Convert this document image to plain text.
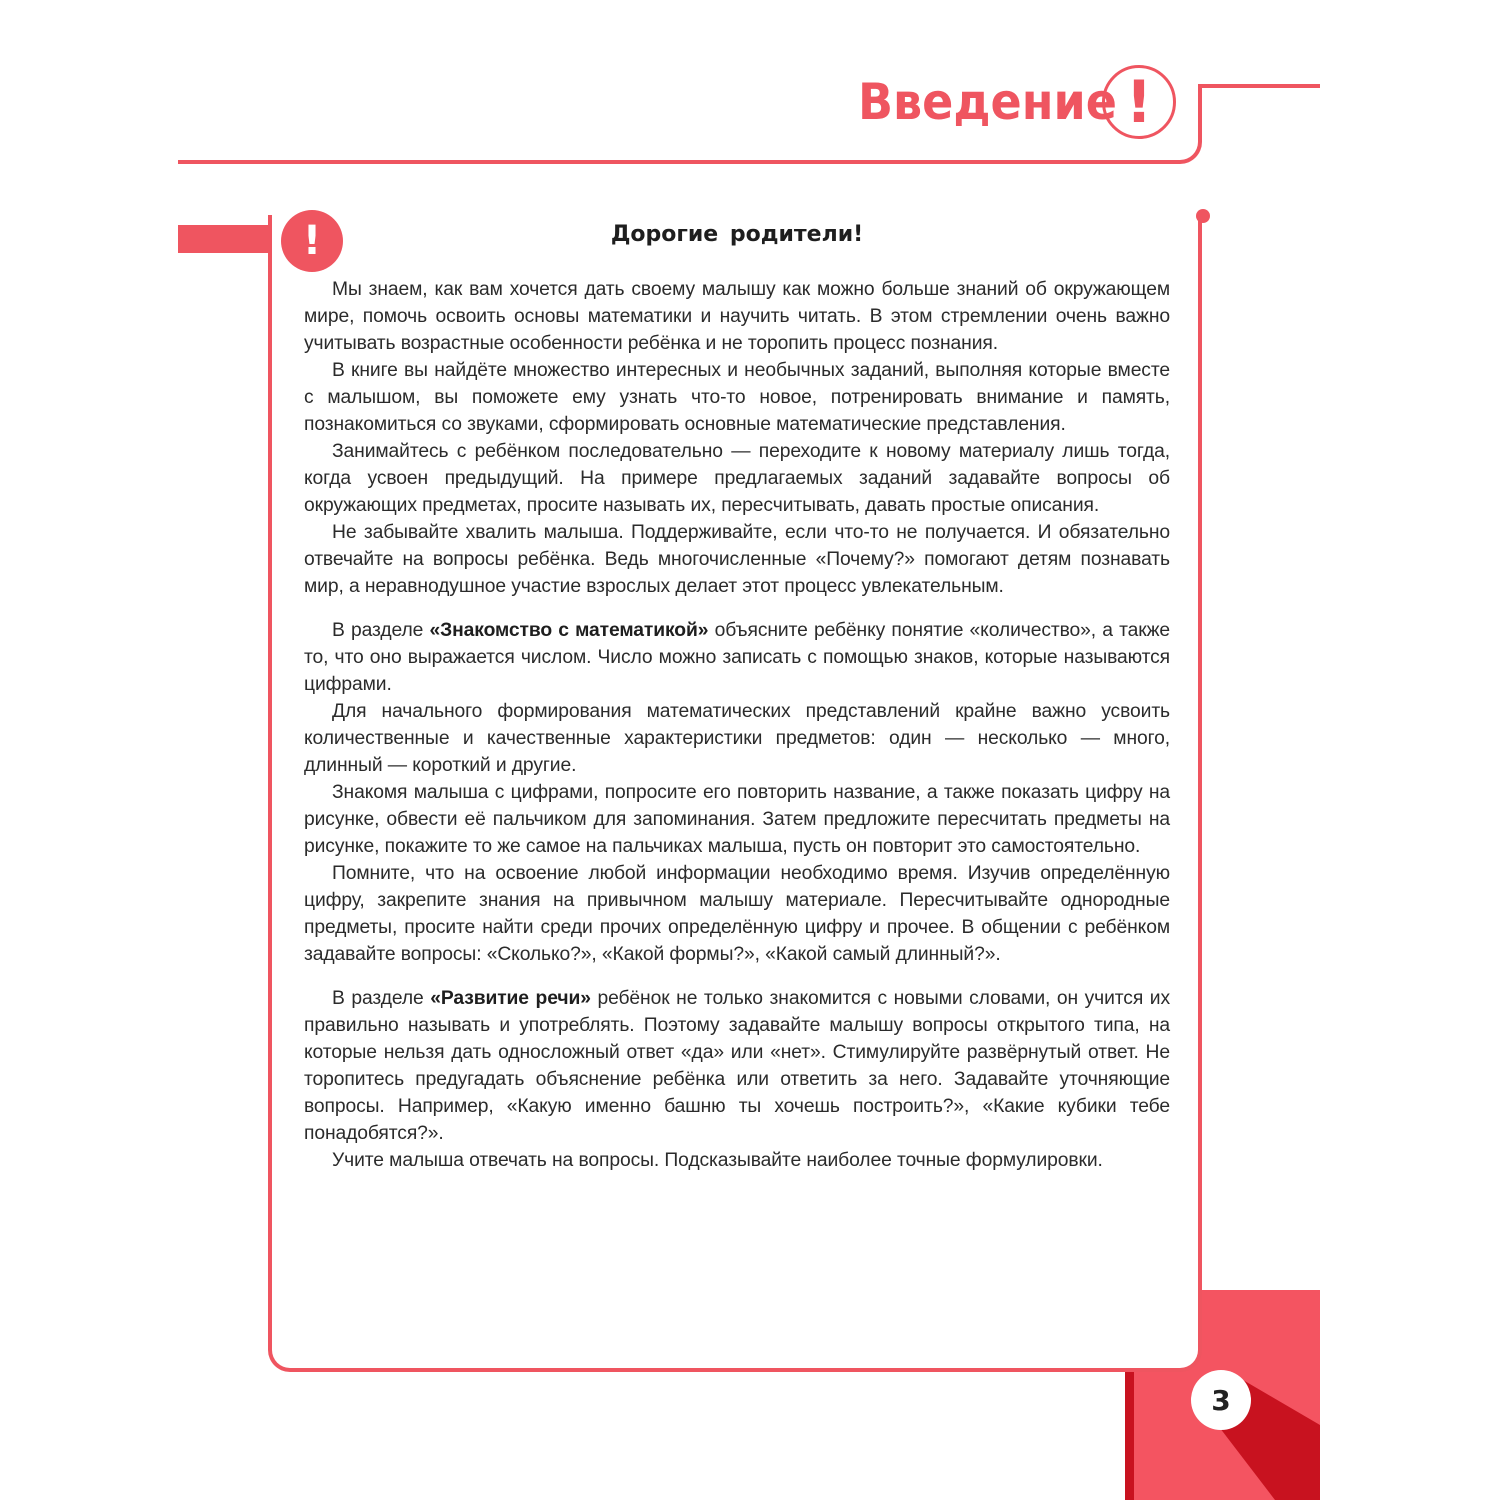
Введение !
3
!	Дорогие родители!

Мы знаем, как вам хочется дать своему малышу как можно больше знаний об окружающем мире, помочь освоить основы математики и научить читать. В этом стремлении очень важно учитывать возрастные особенности ребёнка и не торопить процесс познания.

В книге вы найдёте множество интересных и необычных заданий, выполняя которые вместе с малышом, вы поможете ему узнать что-то новое, потренировать внимание и память, познакомиться со звуками, сформировать основные математические представления.

Занимайтесь с ребёнком последовательно — переходите к новому материалу лишь тогда, когда усвоен предыдущий. На примере предлагаемых заданий задавайте вопросы об окружающих предметах, просите называть их, пересчитывать, давать простые описания.

Не забывайте хвалить малыша. Поддерживайте, если что-то не получается. И обязательно отвечайте на вопросы ребёнка. Ведь многочисленные «Почему?» помогают детям познавать мир, а неравнодушное участие взрослых делает этот процесс увлекательным.

В разделе «Знакомство с математикой» объясните ребёнку понятие «количество», а также то, что оно выражается числом. Число можно записать с помощью знаков, которые называются цифрами.

Для начального формирования математических представлений крайне важно усвоить количественные и качественные характеристики предметов: один — несколько — много, длинный — короткий и другие.

Знакомя малыша с цифрами, попросите его повторить название, а также показать цифру на рисунке, обвести её пальчиком для запоминания. Затем предложите пересчитать предметы на рисунке, покажите то же самое на пальчиках малыша, пусть он повторит это самостоятельно.

Помните, что на освоение любой информации необходимо время. Изучив определённую цифру, закрепите знания на привычном малышу материале. Пересчитывайте однородные предметы, просите найти среди прочих определённую цифру и прочее. В общении с ребёнком задавайте вопросы: «Сколько?», «Какой формы?», «Какой самый длинный?».

В разделе «Развитие речи» ребёнок не только знакомится с новыми словами, он учится их правильно называть и употреблять. Поэтому задавайте малышу вопросы открытого типа, на которые нельзя дать односложный ответ «да» или «нет». Стимулируйте развёрнутый ответ. Не торопитесь предугадать объяснение ребёнка или ответить за него. Задавайте уточняющие вопросы. Например, «Какую именно башню ты хочешь построить?», «Какие кубики тебе понадобятся?».

Учите малыша отвечать на вопросы. Подсказывайте наиболее точные формулировки.
